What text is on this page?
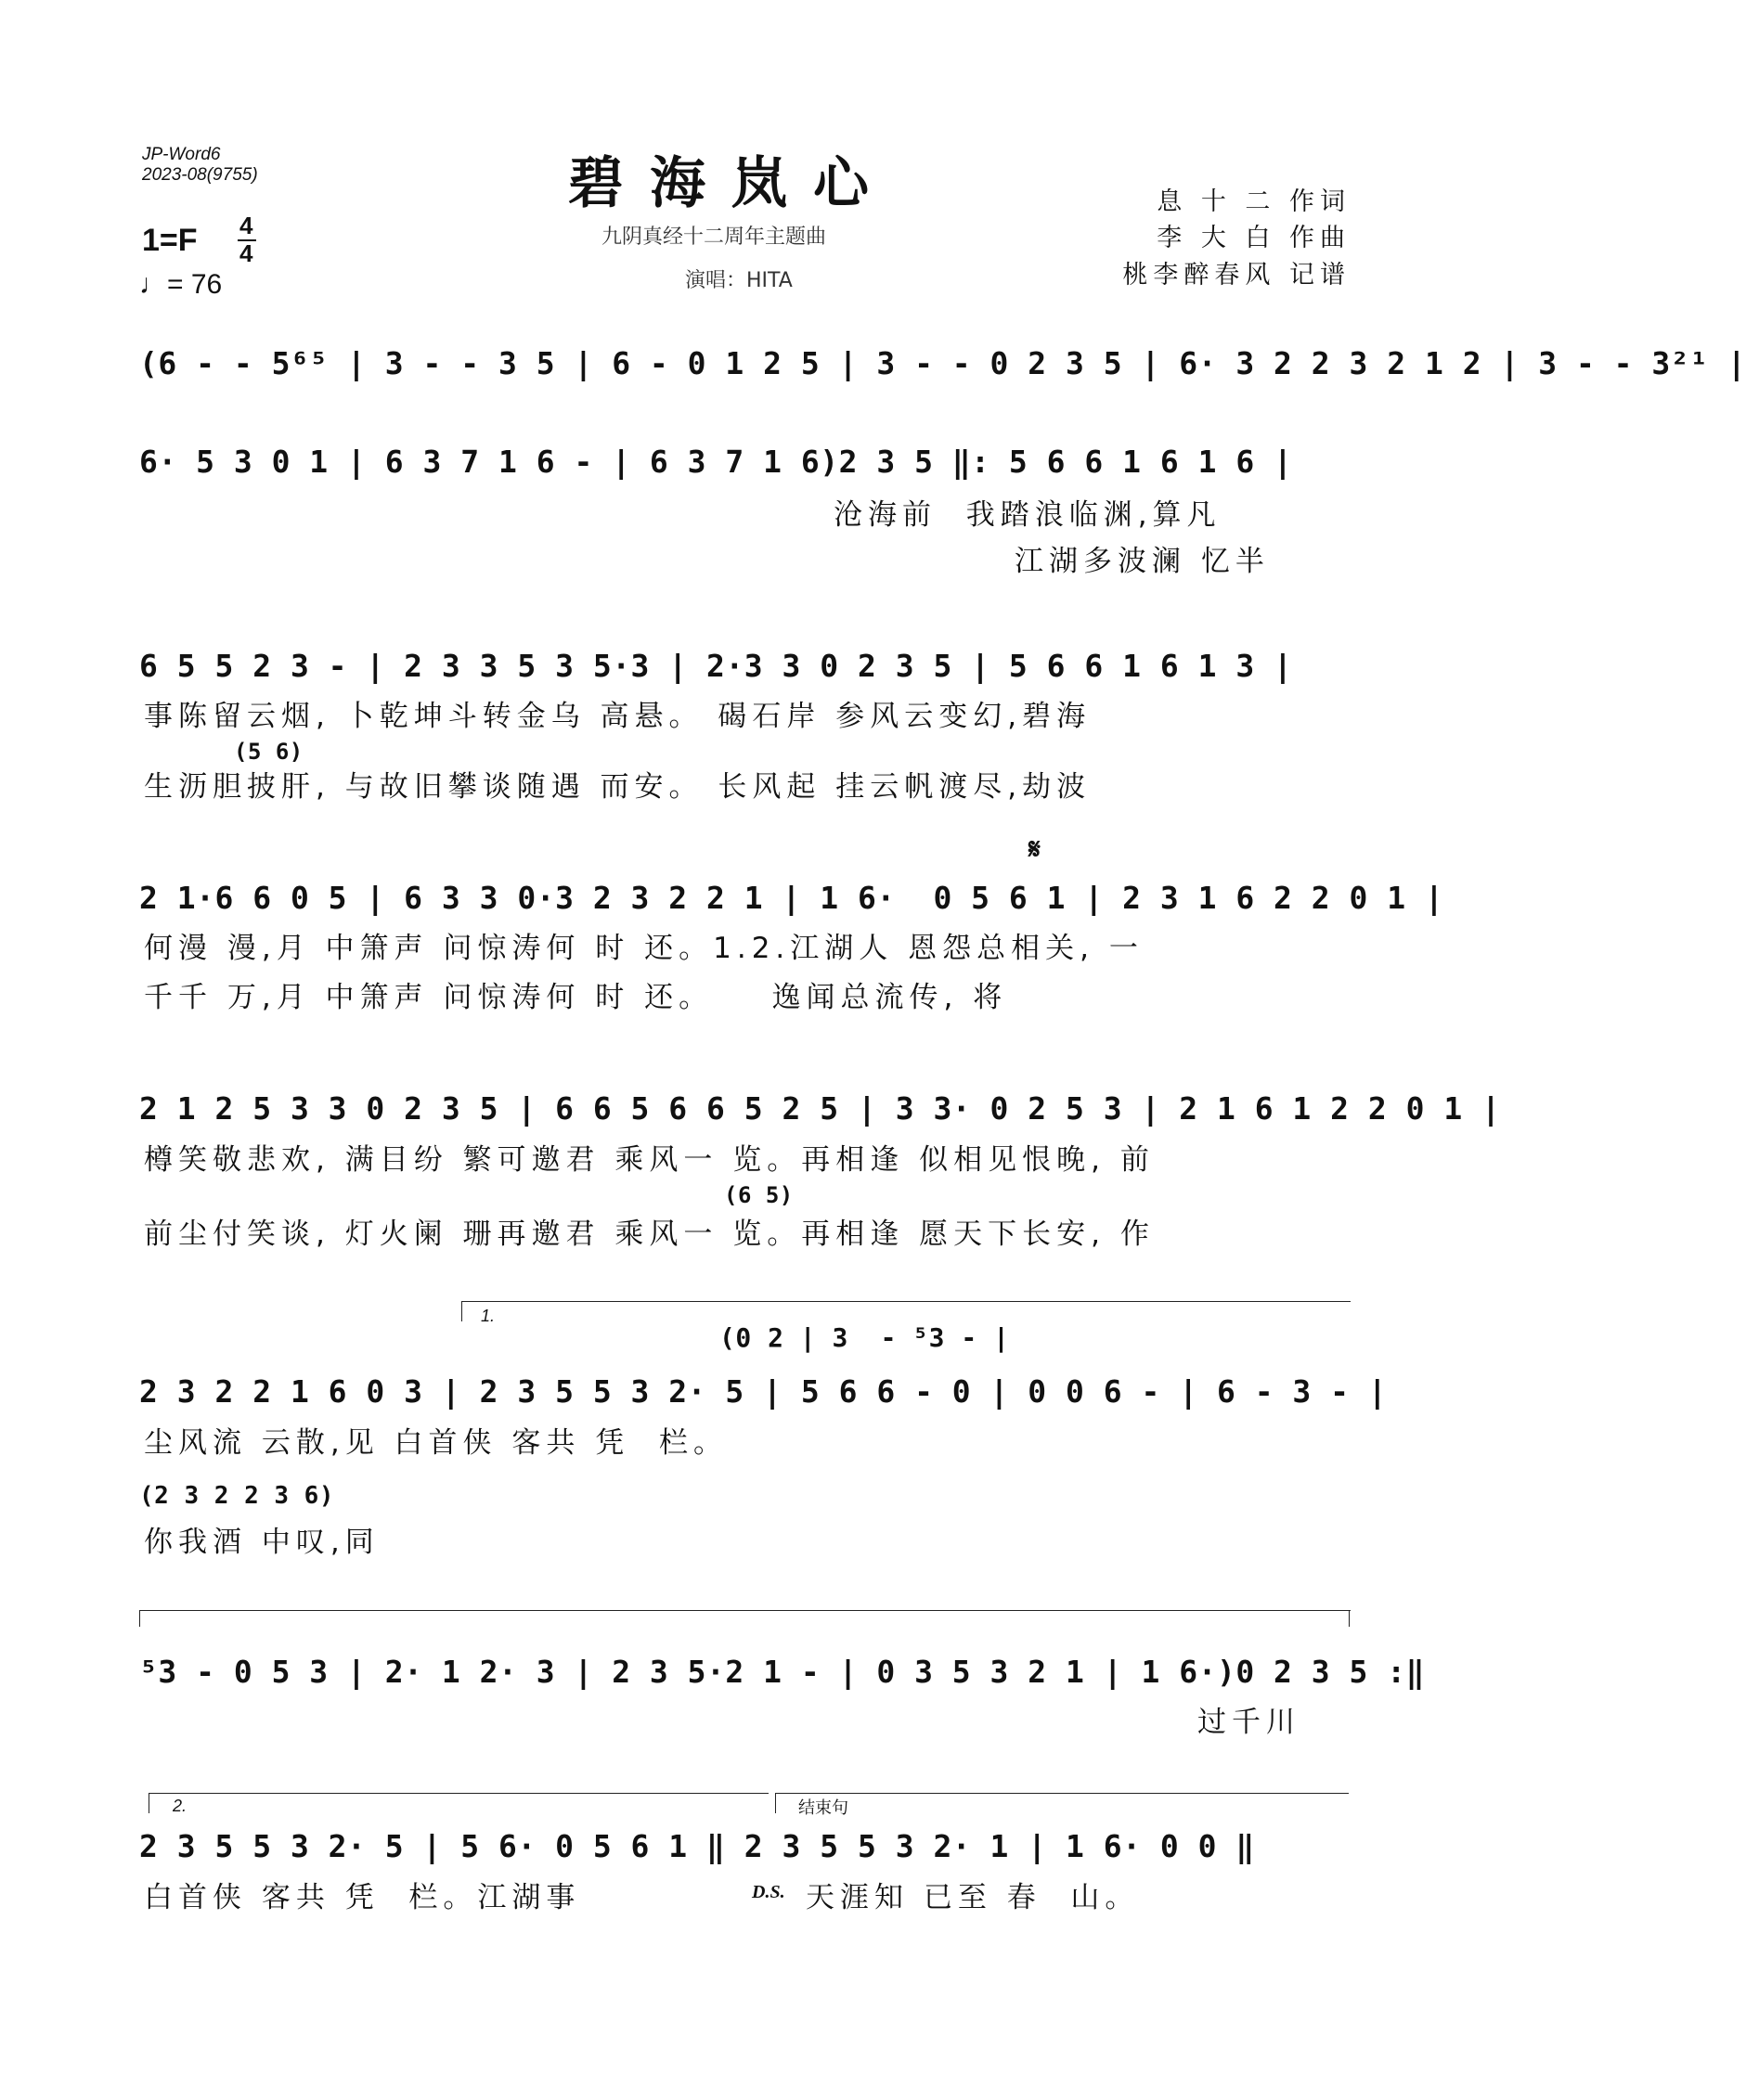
JP-Word6
2023-08(9755)	碧海岚心
九阴真经十二周年主题曲
演唱：HITA
息 十 二 作词
李 大 白 作曲
桃李醉春风 记谱
1=F 4
4
♩= 76
(6 - - 5⁶⁵ | 3 - - 3 5 | 6 - 0 1 2 5 | 3 - - 0 2 3 5 | 6· 3 2 2 3 2 1 2 | 3 - - 3²¹ |
6· 5 3 0 1 | 6 3 7 1 6 - | 6 3 7 1 6)2 3 5 ‖: 5 6 6 1 6 1 6 |
沧海前  我踏浪临渊,算凡
江湖多波澜 忆半
6 5 5 2 3 - | 2 3 3 5 3 5·3 | 2·3 3 0 2 3 5 | 5 6 6 1 6 1 3 |
事陈留云烟, 卜乾坤斗转金乌 高悬。 碣石岸 参风云变幻,碧海
(5 6)
生沥胆披肝, 与故旧攀谈随遇 而安。 长风起 挂云帆渡尽,劫波
𝄋
2 1·6 6 0 5 | 6 3 3 0·3 2 3 2 2 1 | 1 6·  0 5 6 1 | 2 3 1 6 2 2 0 1 |
何漫 漫,月 中箫声 问惊涛何 时 还。1.2.江湖人 恩怨总相关, 一
千千 万,月 中箫声 问惊涛何 时 还。    逸闻总流传, 将
2 1 2 5 3 3 0 2 3 5 | 6 6 5 6 6 5 2 5 | 3 3· 0 2 5 3 | 2 1 6 1 2 2 0 1 |
樽笑敬悲欢, 满目纷 繁可邀君 乘风一 览。再相逢 似相见恨晚, 前
(6 5)
前尘付笑谈, 灯火阑 珊再邀君 乘风一 览。再相逢 愿天下长安, 作
1.
(0 2 | 3  - ⁵3 - |
2 3 2 2 1 6 0 3 | 2 3 5 5 3 2· 5 | 5 6 6 - 0 | 0 0 6 - | 6 - 3 - |
尘风流 云散,见 白首侠 客共 凭  栏。
(2 3 2 2 3 6)
你我酒 中叹,同
⁵3 - 0 5 3 | 2· 1 2· 3 | 2 3 5·2 1 - | 0 3 5 3 2 1 | 1 6·)0 2 3 5 :‖
过千川
2.	结束句
2 3 5 5 3 2· 5 | 5 6· 0 5 6 1 ‖ 2 3 5 5 3 2· 1 | 1 6· 0 0 ‖
白首侠 客共 凭  栏。江湖事	D.S. 天涯知 已至 春  山。
